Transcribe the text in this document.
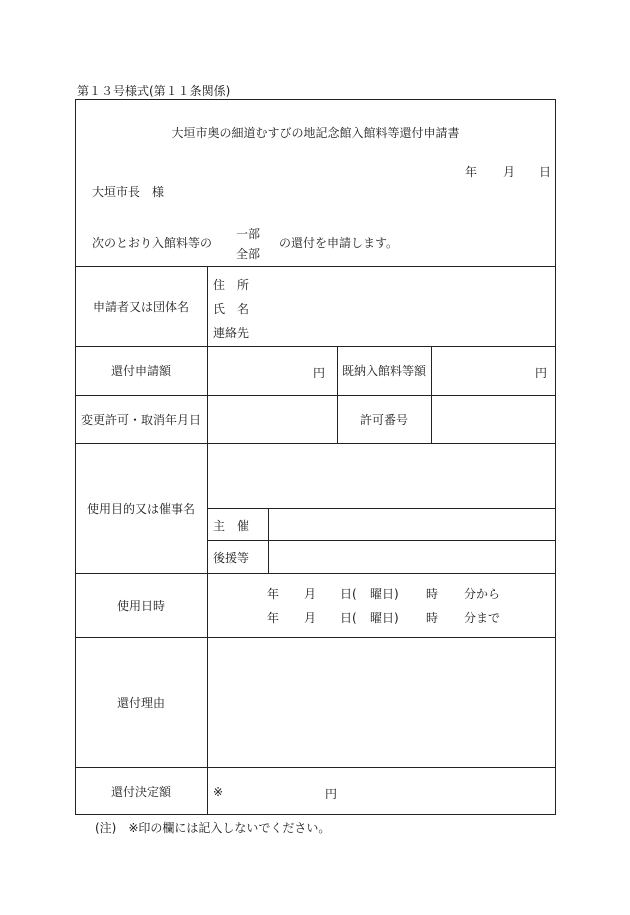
第１３号様式(第１１条関係)
大垣市奥の細道むすびの地記念館入館料等還付申請書
年 月 日
大垣市長　様
次のとおり入館料等の
一部
全部
の還付を申請します。
申請者又は団体名
住　所
氏　名
連絡先
還付申請額	円 既納入館料等額	円
変更許可・取消年月日	許可番号
使用目的又は催事名
主　催
後援等
使用日時
年 月 日( 曜日) 時 分から
年 月 日( 曜日) 時 分まで
還付理由
還付決定額	※	円
(注)　※印の欄には記入しないでください。
